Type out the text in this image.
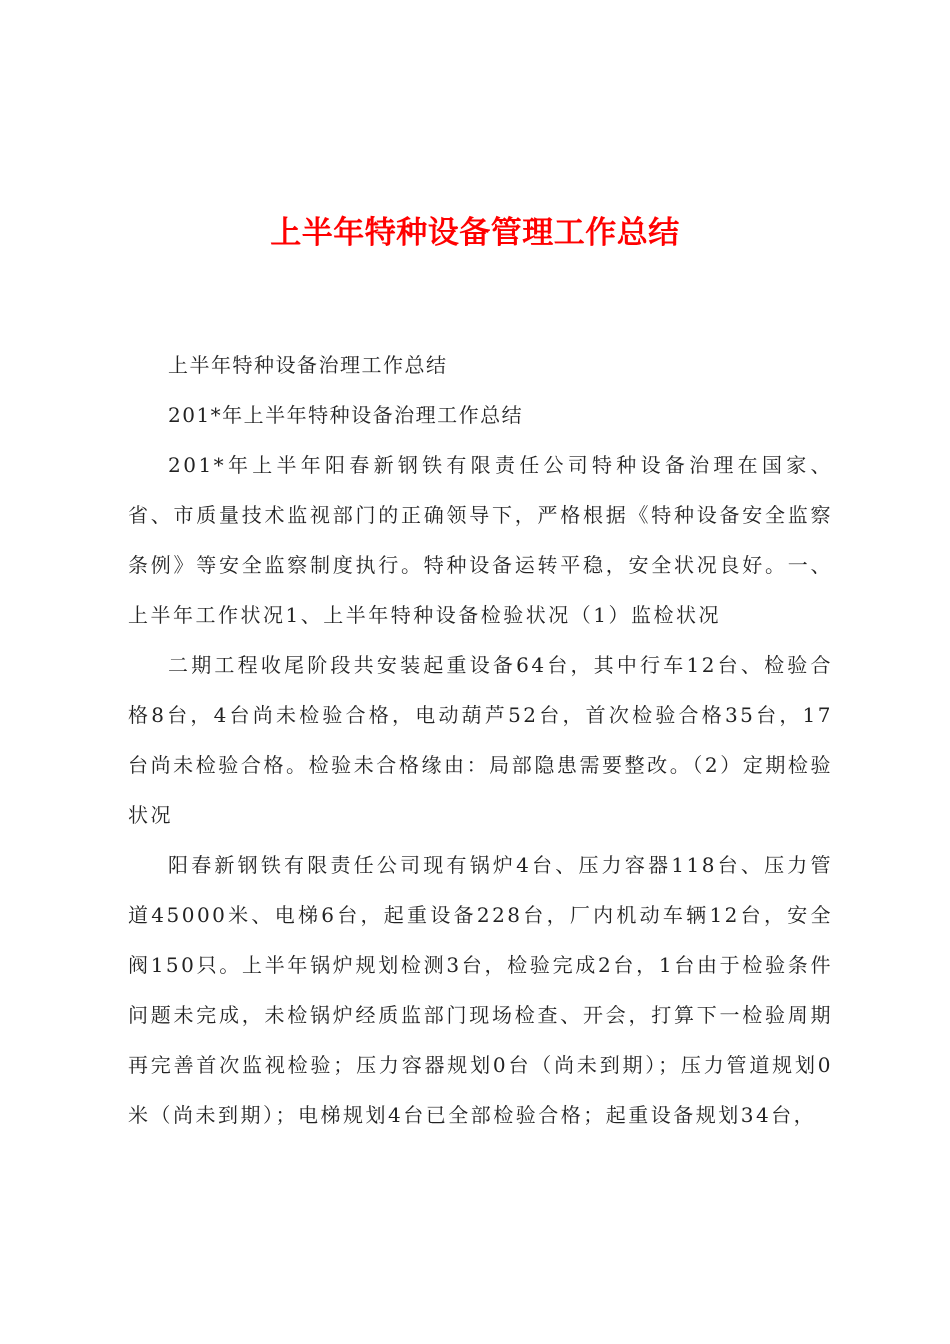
上半年特种设备管理工作总结

上半年特种设备治理工作总结

201*年上半年特种设备治理工作总结

201*年上半年阳春新钢铁有限责任公司特种设备治理在国家、省、市质量技术监视部门的正确领导下，严格根据《特种设备安全监察条例》等安全监察制度执行。特种设备运转平稳，安全状况良好。一、上半年工作状况1、上半年特种设备检验状况（1）监检状况

二期工程收尾阶段共安装起重设备64台，其中行车12台、检验合格8台，4台尚未检验合格，电动葫芦52台，首次检验合格35台，17台尚未检验合格。检验未合格缘由：局部隐患需要整改。（2）定期检验状况

阳春新钢铁有限责任公司现有锅炉4台、压力容器118台、压力管道45000米、电梯6台，起重设备228台，厂内机动车辆12台，安全阀150只。上半年锅炉规划检测3台，检验完成2台，1台由于检验条件问题未完成，未检锅炉经质监部门现场检查、开会，打算下一检验周期再完善首次监视检验；压力容器规划0台（尚未到期）；压力管道规划0米（尚未到期）；电梯规划4台已全部检验合格；起重设备规划34台，
